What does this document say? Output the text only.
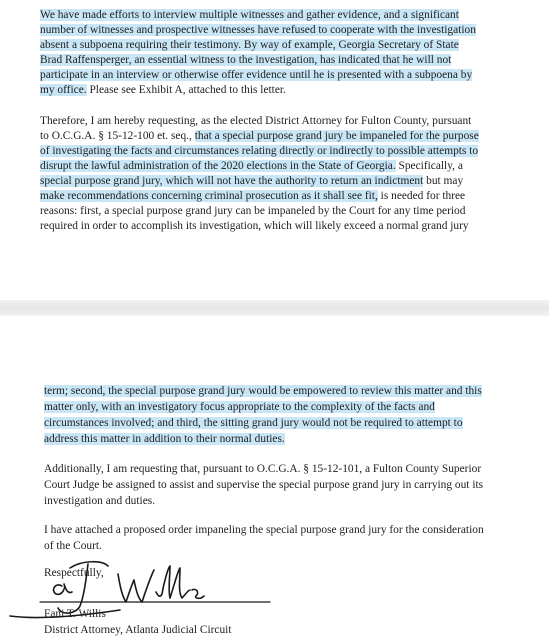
We have made efforts to interview multiple witnesses and gather evidence, and a significant
number of witnesses and prospective witnesses have refused to cooperate with the investigation
absent a subpoena requiring their testimony. By way of example, Georgia Secretary of State
Brad Raffensperger, an essential witness to the investigation, has indicated that he will not
participate in an interview or otherwise offer evidence until he is presented with a subpoena by
my office. Please see Exhibit A, attached to this letter.
Therefore, I am hereby requesting, as the elected District Attorney for Fulton County, pursuant
to O.C.G.A. § 15-12-100 et. seq., that a special purpose grand jury be impaneled for the purpose
of investigating the facts and circumstances relating directly or indirectly to possible attempts to
disrupt the lawful administration of the 2020 elections in the State of Georgia. Specifically, a
special purpose grand jury, which will not have the authority to return an indictment but may
make recommendations concerning criminal prosecution as it shall see fit, is needed for three
reasons: first, a special purpose grand jury can be impaneled by the Court for any time period
required in order to accomplish its investigation, which will likely exceed a normal grand jury
term; second, the special purpose grand jury would be empowered to review this matter and this
matter only, with an investigatory focus appropriate to the complexity of the facts and
circumstances involved; and third, the sitting grand jury would not be required to attempt to
address this matter in addition to their normal duties.
Additionally, I am requesting that, pursuant to O.C.G.A. § 15-12-101, a Fulton County Superior
Court Judge be assigned to assist and supervise the special purpose grand jury in carrying out its
investigation and duties.
I have attached a proposed order impaneling the special purpose grand jury for the consideration
of the Court.
Respectfully,
Fani T. Willis
District Attorney, Atlanta Judicial Circuit
